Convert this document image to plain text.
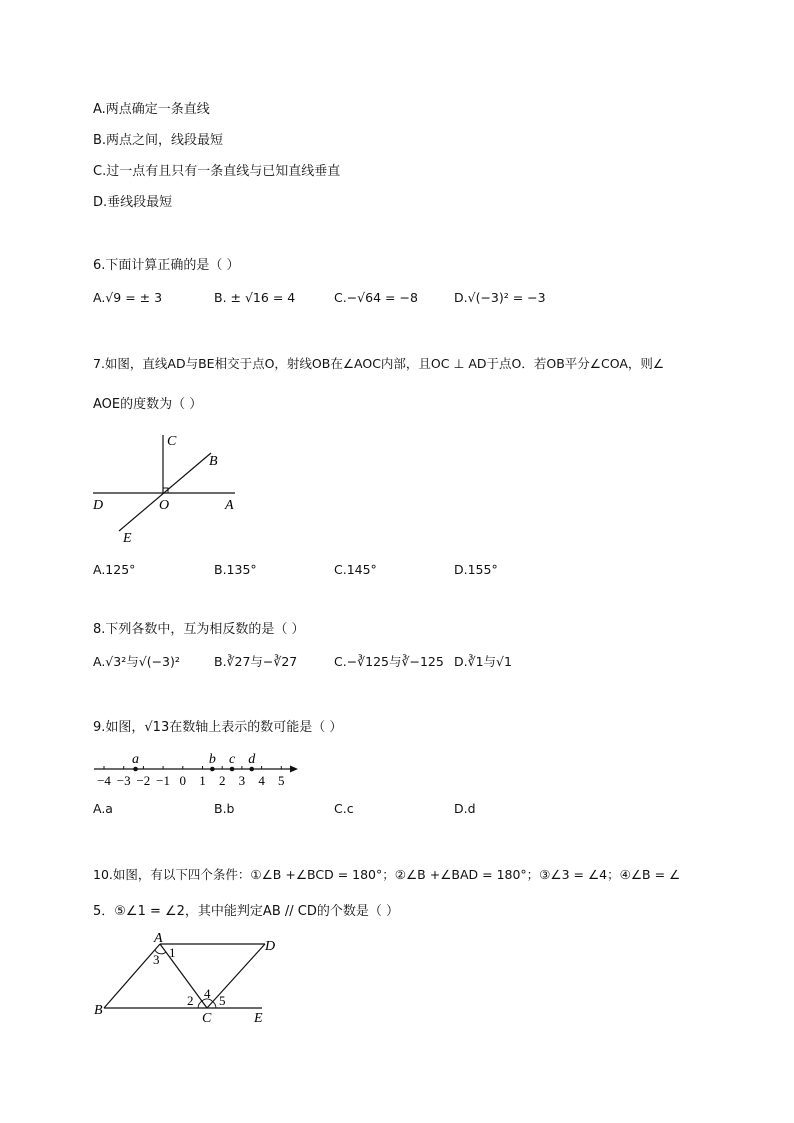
A.两点确定一条直线
B.两点之间，线段最短
C.过一点有且只有一条直线与已知直线垂直
D.垂线段最短
6.下面计算正确的是（ ）
A.√9 = ± 3	B. ± √16 = 4	C.−√64 = −8	D.√(−3)² = −3
7.如图，直线AD与BE相交于点O，射线OB在∠AOC内部，且OC ⊥ AD于点O．若OB平分∠COA，则∠
AOE的度数为（ ）
C
B
D	O	A
E
A.125°	B.135°	C.145°	D.155°
8.下列各数中，互为相反数的是（ ）
A.√3²与√(−3)²	B.∛27与−∛27	C.−∛125与∛−125 D.∛1与√1
9.如图，√13在数轴上表示的数可能是（ ）
−4 −3 −2 −1 0 1 2 3 4 5
a	b c d
A.a	B.b	C.c	D.d
10.如图，有以下四个条件：①∠B +∠BCD = 180°；②∠B +∠BAD = 180°；③∠3 = ∠4；④∠B = ∠
5．⑤∠1 = ∠2，其中能判定AB // CD的个数是（ ）
A
D
B
C	E
1
3
2 4 5
